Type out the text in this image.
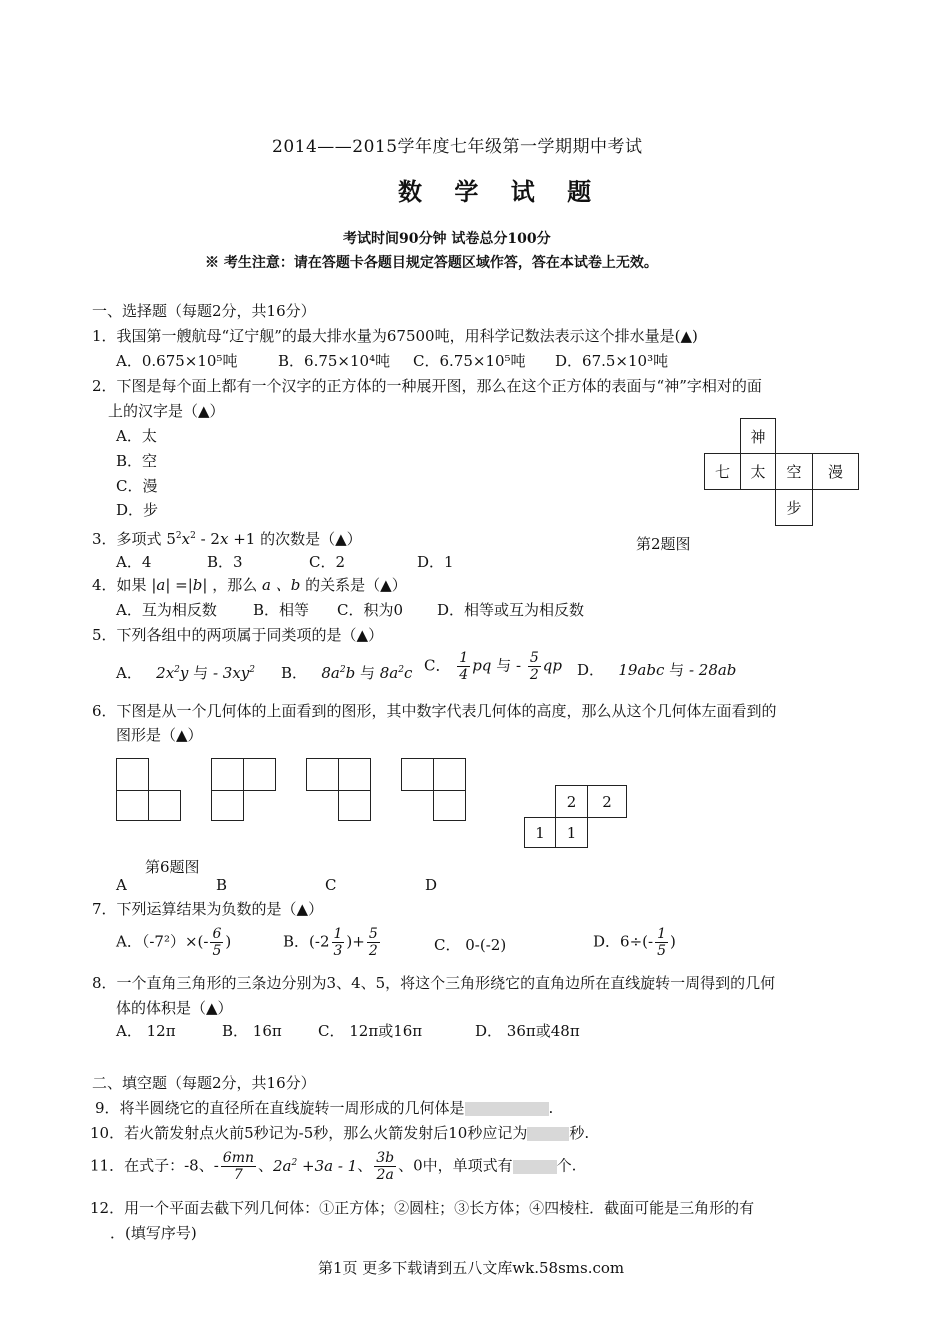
2014——2015学年度七年级第一学期期中考试
数 学 试 题
考试时间90分钟 试卷总分100分
※ 考生注意：请在答题卡各题目规定答题区域作答，答在本试卷上无效。
一、选择题（每题2分，共16分）
1．我国第一艘航母“辽宁舰”的最大排水量为67500吨，用科学记数法表示这个排水量是(▲)
A．0.675×10⁵吨	B．6.75×10⁴吨 C．6.75×10⁵吨 D．67.5×10³吨
2．下图是每个面上都有一个汉字的正方体的一种展开图，那么在这个正方体的表面与“神”字相对的面
上的汉字是（▲）
A．太
B．空
C．漫
D．步
神
七	太	空	漫
步
第2题图
3．多项式 $5^2x^2 - 2x +1$ 的次数是（▲）
A．4	B．3	C．2	D．1
4．如果 |a| =|b| ，那么 a 、b 的关系是（▲）
A．互为相反数 B．相等 C．积为0 D．相等或互为相反数
5．下列各组中的两项属于同类项的是（▲）
A．   $2x^2y$ 与 - $3xy^2$ B．   $8a^2b$ 与 $8a^2c$ C． $\frac{1}{4}$ pq 与 - $\frac{5}{2}$ qp D．   19abc 与 - 28ab
6．下图是从一个几何体的上面看到的图形，其中数字代表几何体的高度，那么从这个几何体左面看到的
图形是（▲）
2	2
1	1
第6题图
A	B	C	D
7．下列运算结果为负数的是（▲）
A．$(-7^2)\times(- \frac{6}{5}$ )	B．($-2 \frac{1}{3}$ )+ $\frac{5}{2}$	C． 0-(-2)	D．$6\div(- \frac{1}{5}$ )
8．一个直角三角形的三条边分别为3、4、5，将这个三角形绕它的直角边所在直线旋转一周得到的几何
体的体积是（▲）
A． 12π	B． 16π C． 12π或16π	D． 36π或48π
二、填空题（每题2分，共16分）
9．将半圆绕它的直径所在直线旋转一周形成的几何体是	.
10．若火箭发射点火前5秒记为-5秒，那么火箭发射后10秒应记为	秒.
11．在式子：-8、- $\frac{6mn}{7}$ 、$2a^2 +3a - 1$、 $\frac{3b}{2a}$ 、0中，单项式有	个.
12．用一个平面去截下列几何体：①正方体；②圆柱；③长方体；④四棱柱．截面可能是三角形的有
．(填写序号)
第1页 更多下载请到五八文库wk.58sms.com
